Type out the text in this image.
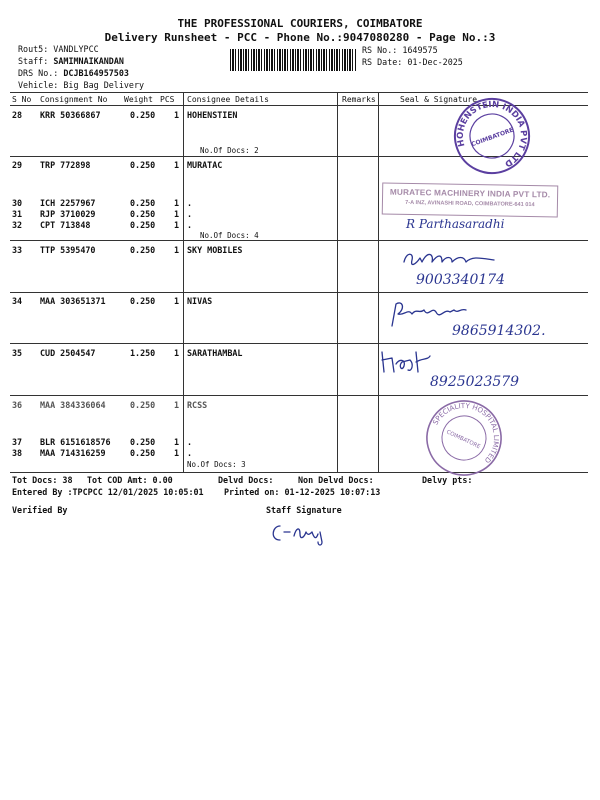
THE PROFESSIONAL COURIERS, COIMBATORE
Delivery Runsheet - PCC - Phone No.:9047080280 - Page No.:3
Rout5: VANDLYPCC
Staff: SAMIMNAIKANDAN
DRS No.: DCJB164957503
Vehicle: Big Bag Delivery
RS No.: 1649575
RS Date: 01-Dec-2025
S No Consignment No Weight PCS Consignee Details	Remarks	Seal & Signature
28 KRR 50366867	0.250 1 HOHENSTIEN
No.Of Docs: 2
29 TRP 772898	0.250 1 MURATAC
30 ICH 2257967	0.250 1 .
31 RJP 3710029	0.250 1 .
32 CPT 713848	0.250 1 .
No.Of Docs: 4
33 TTP 5395470	0.250 1 SKY MOBILES
34 MAA 303651371	0.250 1 NIVAS
35 CUD 2504547	1.250 1 SARATHAMBAL
36 MAA 384336064	0.250 1 RCSS
37 BLR 6151618576 0.250 1 .
38 MAA 714316259	0.250 1 .
No.Of Docs: 3
HOHENSTEIN INDIA PVT LTD
COIMBATORE
MURATEC MACHINERY INDIA PVT LTD.
7-A INZ, AVINASHI ROAD, COIMBATORE-641 014
R Parthasaradhi
9003340174
9865914302.
8925023579
SPECIALITY HOSPITAL LIMITED
COIMBATORE
Tot Docs: 38 Tot COD Amt: 0.00	Delvd Docs:	Non Delvd Docs:	Delvy pts:
Entered By :TPCPCC 12/01/2025 10:05:01 Printed on: 01-12-2025 10:07:13
Verified By	Staff Signature
